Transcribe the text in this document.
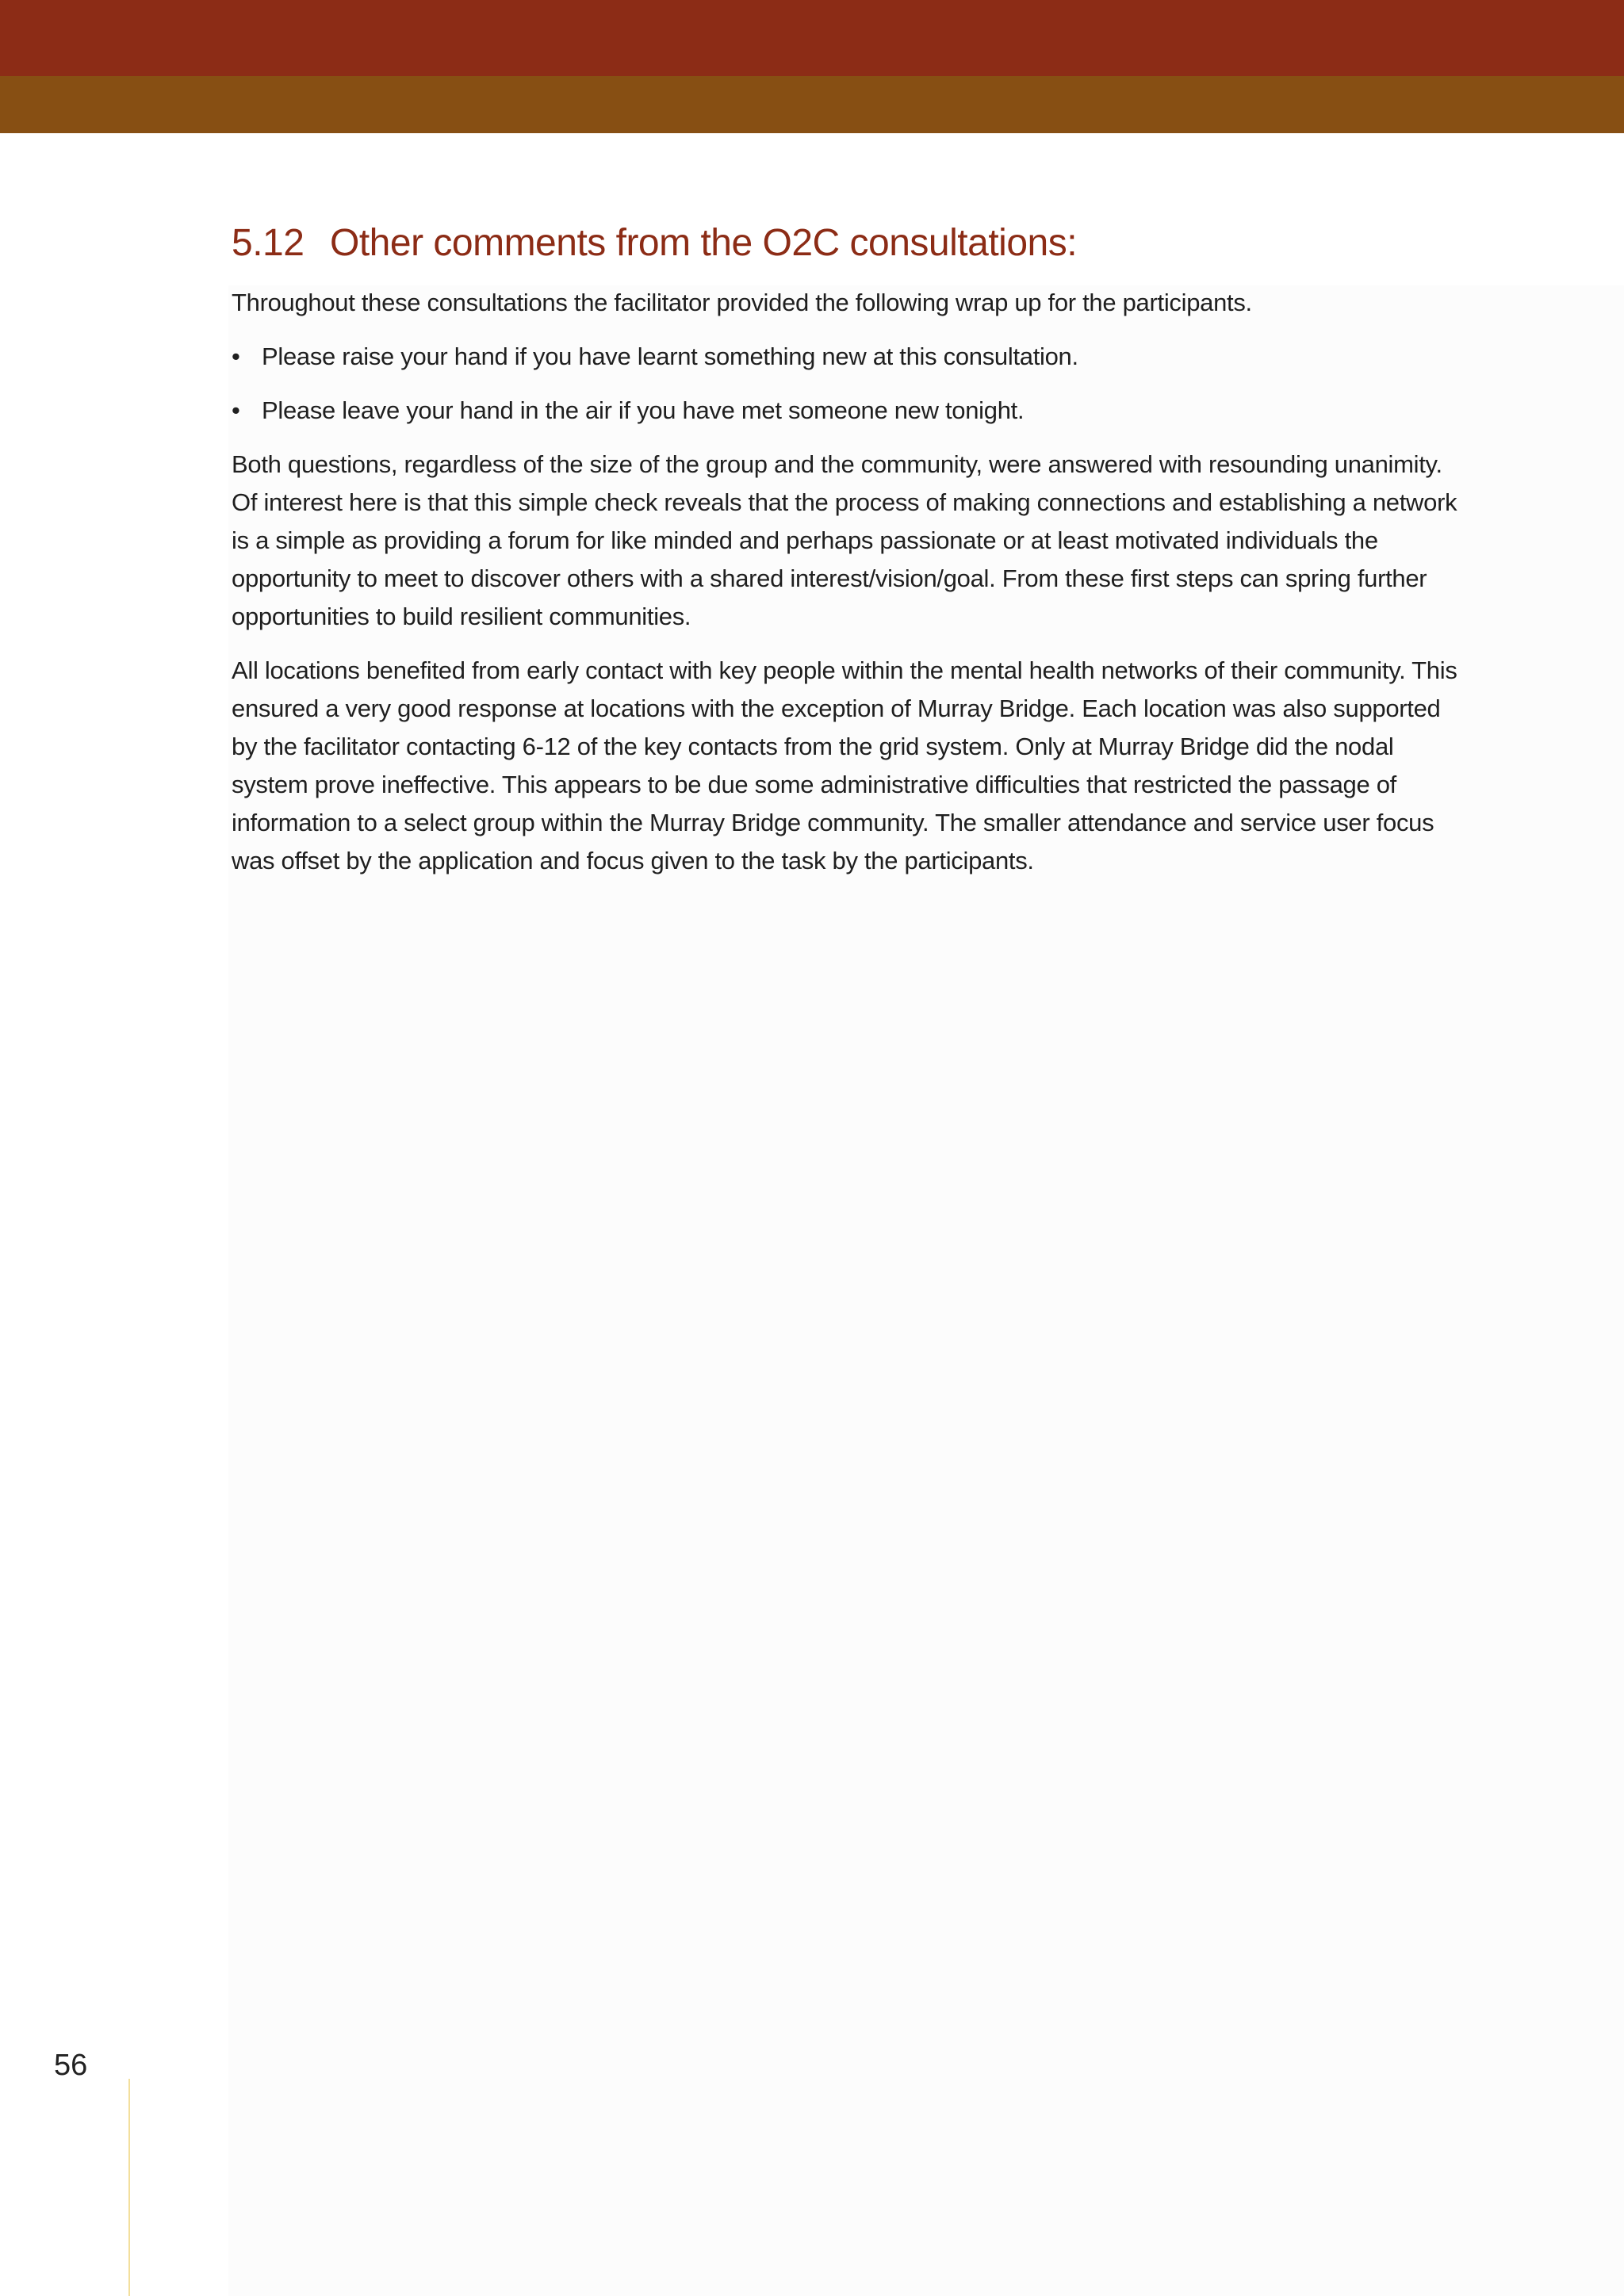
5.12 Other comments from the O2C consultations:

Throughout these consultations the facilitator provided the following wrap up for the participants.

• Please raise your hand if you have learnt something new at this consultation.
• Please leave your hand in the air if you have met someone new tonight.

Both questions, regardless of the size of the group and the community, were answered with resounding unanimity. Of interest here is that this simple check reveals that the process of making connections and establishing a network is a simple as providing a forum for like minded and perhaps passionate or at least motivated individuals the opportunity to meet to discover others with a shared interest/vision/goal. From these first steps can spring further opportunities to build resilient communities.

All locations benefited from early contact with key people within the mental health networks of their community. This ensured a very good response at locations with the exception of Murray Bridge. Each location was also supported by the facilitator contacting 6-12 of the key contacts from the grid system. Only at Murray Bridge did the nodal system prove ineffective. This appears to be due some administrative difficulties that restricted the passage of information to a select group within the Murray Bridge community. The smaller attendance and service user focus was offset by the application and focus given to the task by the participants.

56
